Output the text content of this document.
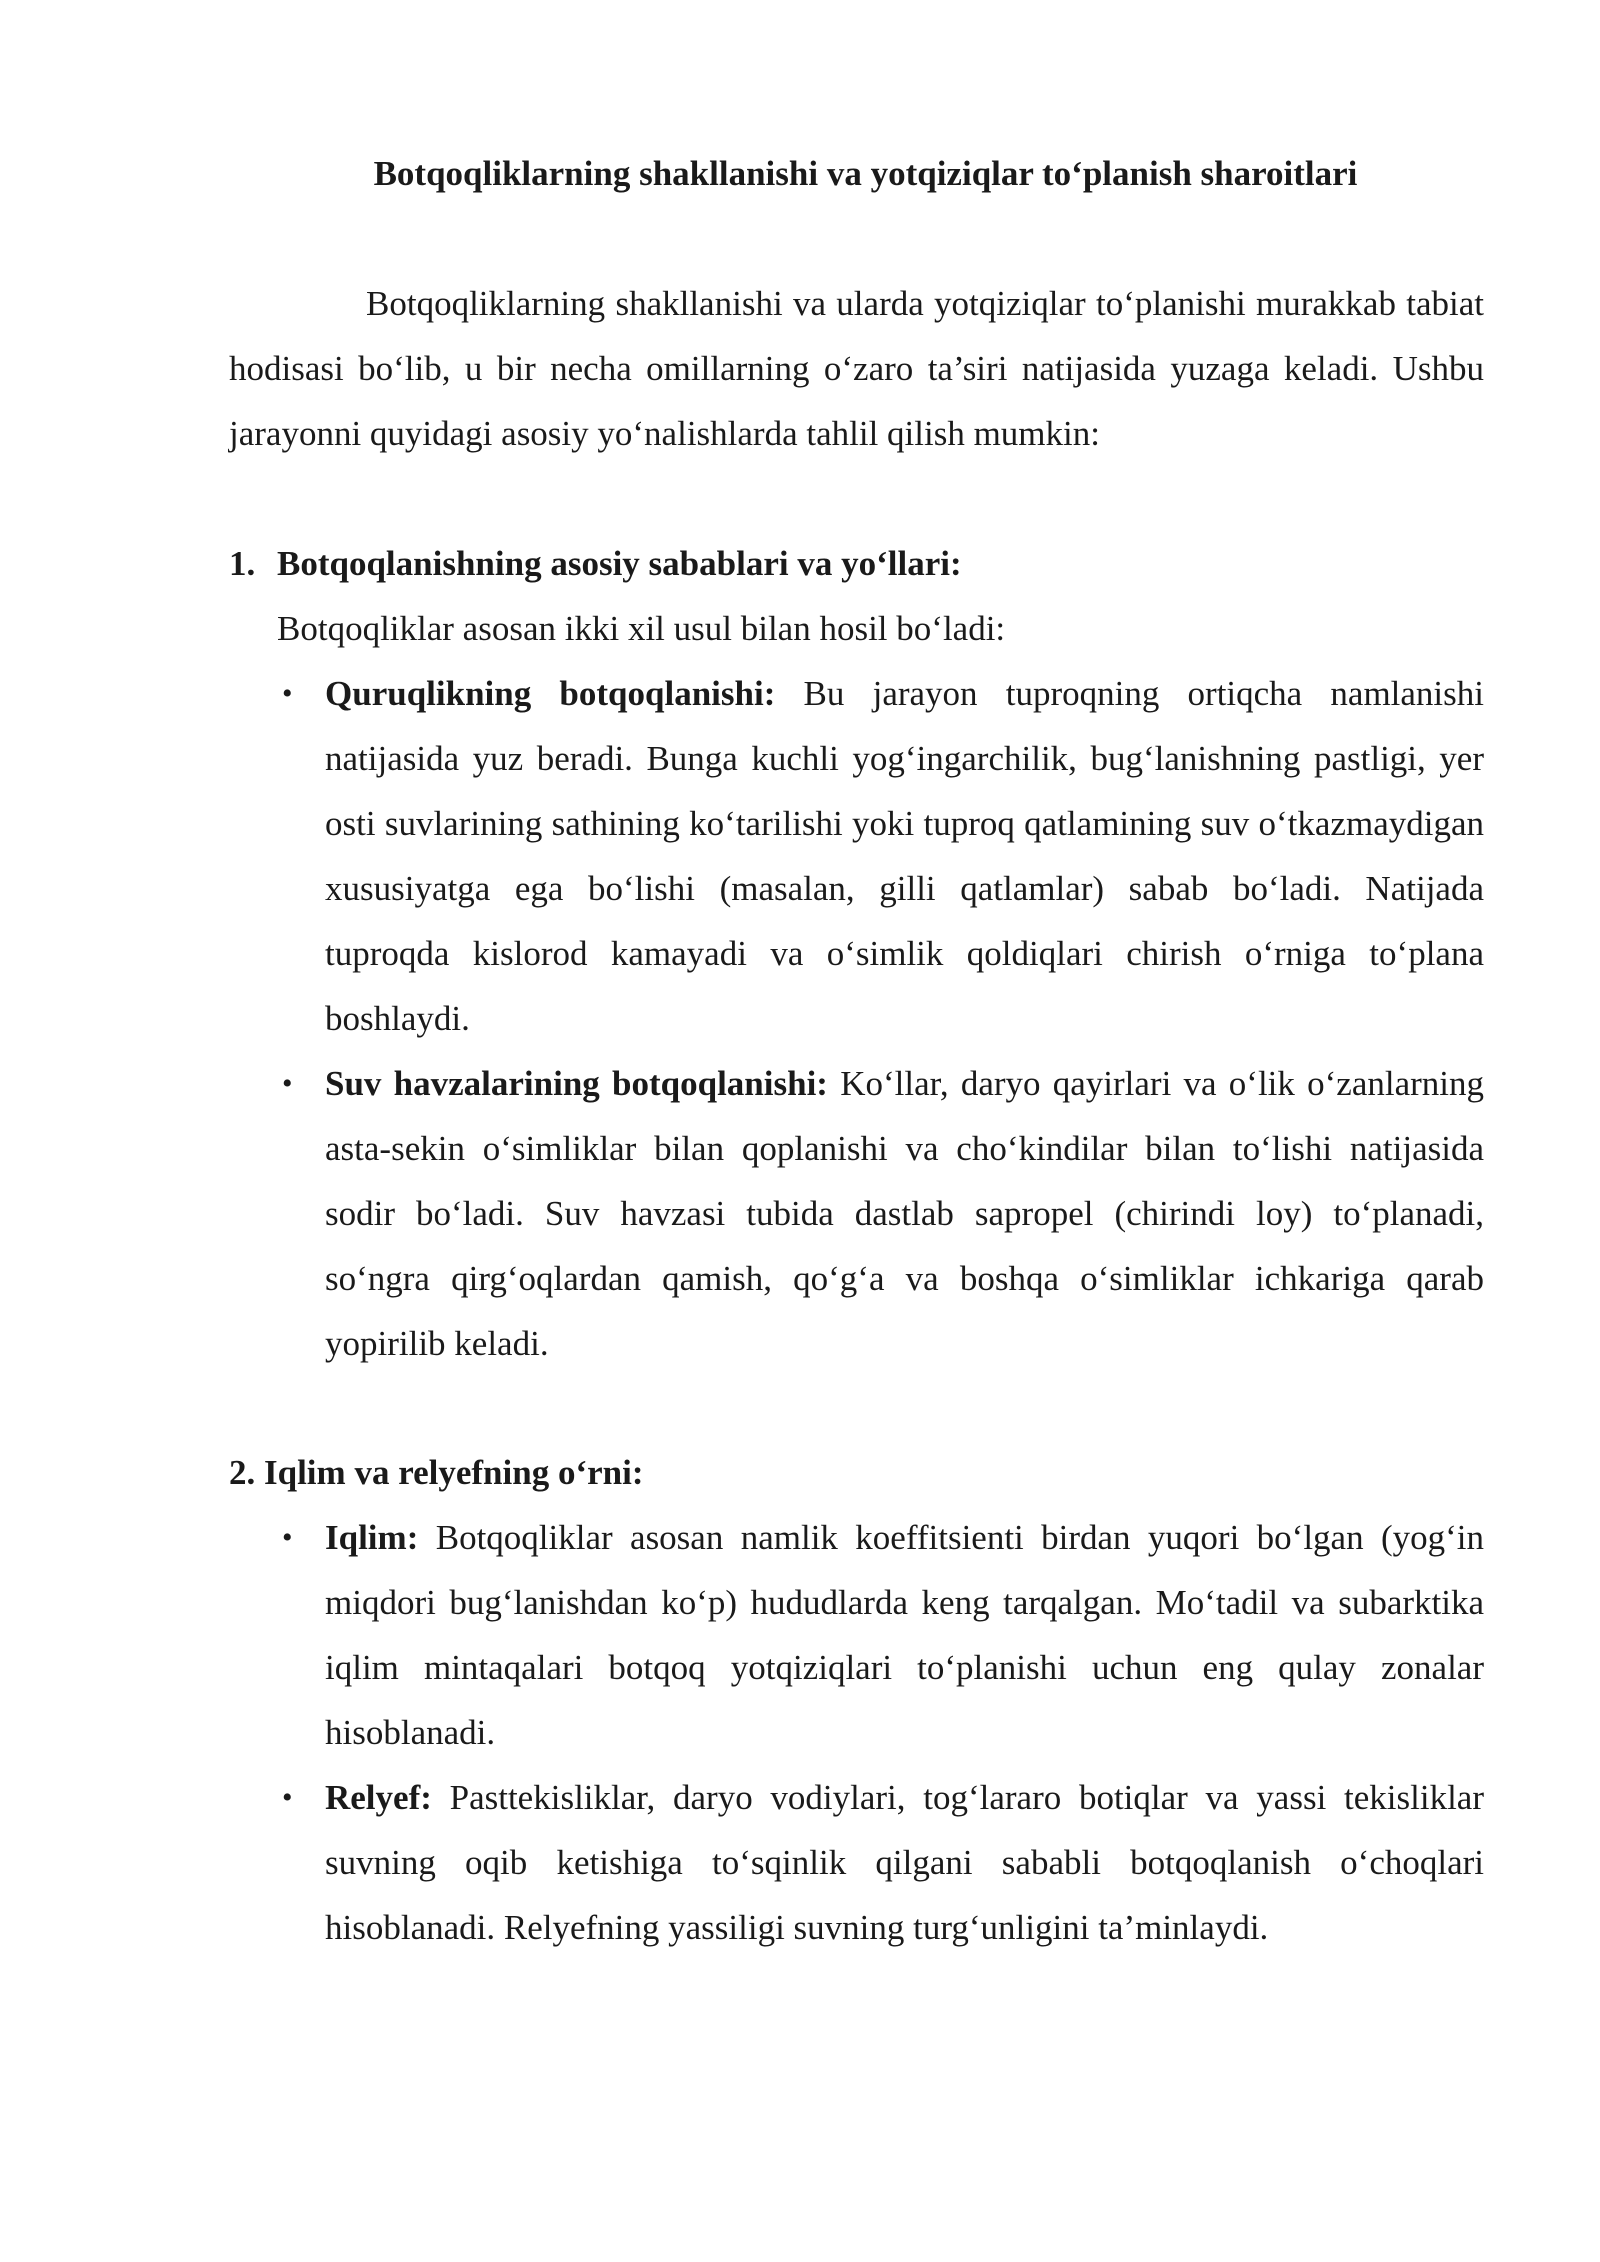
Botqoqliklarning shakllanishi va yotqiziqlar to‘planish sharoitlari

Botqoqliklarning shakllanishi va ularda yotqiziqlar to‘planishi murakkab tabiat hodisasi bo‘lib, u bir necha omillarning o‘zaro ta’siri natijasida yuzaga keladi. Ushbu jarayonni quyidagi asosiy yo‘nalishlarda tahlil qilish mumkin:

1. Botqoqlanishning asosiy sabablari va yo‘llari:

Botqoqliklar asosan ikki xil usul bilan hosil bo‘ladi:

• Quruqlikning botqoqlanishi: Bu jarayon tuproqning ortiqcha namlanishi natijasida yuz beradi. Bunga kuchli yog‘ingarchilik, bug‘lanishning pastligi, yer osti suvlarining sathining ko‘tarilishi yoki tuproq qatlamining suv o‘tkazmaydigan xususiyatga ega bo‘lishi (masalan, gilli qatlamlar) sabab bo‘ladi. Natijada tuproqda kislorod kamayadi va o‘simlik qoldiqlari chirish o‘rniga to‘plana boshlaydi.

• Suv havzalarining botqoqlanishi: Ko‘llar, daryo qayirlari va o‘lik o‘zanlarning asta-sekin o‘simliklar bilan qoplanishi va cho‘kindilar bilan to‘lishi natijasida sodir bo‘ladi. Suv havzasi tubida dastlab sapropel (chirindi loy) to‘planadi, so‘ngra qirg‘oqlardan qamish, qo‘g‘a va boshqa o‘simliklar ichkariga qarab yopirilib keladi.

2. Iqlim va relyefning o‘rni:

• Iqlim: Botqoqliklar asosan namlik koeffitsienti birdan yuqori bo‘lgan (yog‘in miqdori bug‘lanishdan ko‘p) hududlarda keng tarqalgan. Mo‘tadil va subarktika iqlim mintaqalari botqoq yotqiziqlari to‘planishi uchun eng qulay zonalar hisoblanadi.

• Relyef: Pasttekisliklar, daryo vodiylari, tog‘lararo botiqlar va yassi tekisliklar suvning oqib ketishiga to‘sqinlik qilgani sababli botqoqlanish o‘choqlari hisoblanadi. Relyefning yassiligi suvning turg‘unligini ta’minlaydi.
